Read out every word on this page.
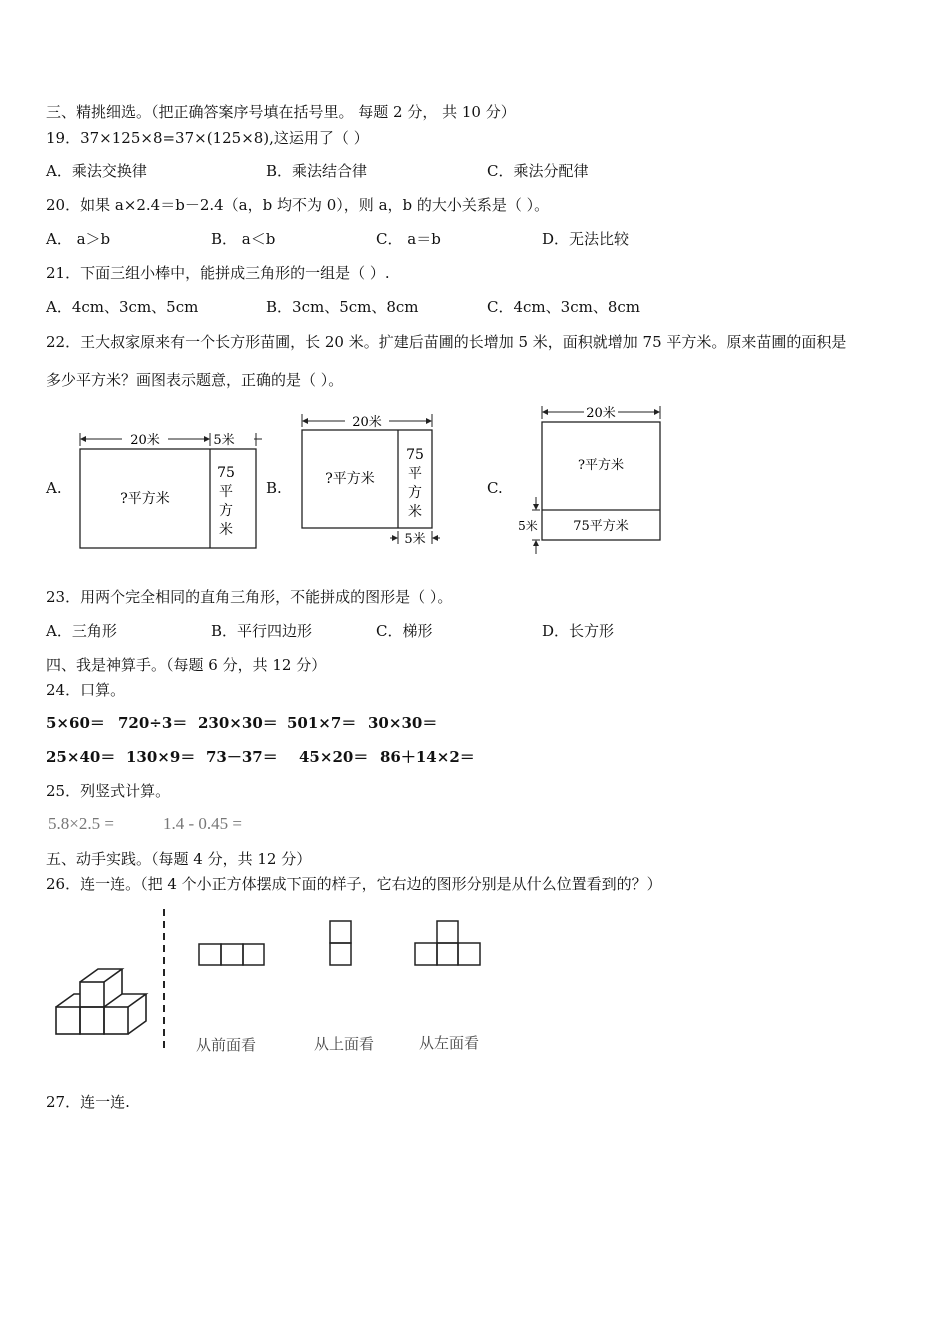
三、精挑细选。（把正确答案序号填在括号里。 每题 2 分， 共 10 分）
19．37×125×8=37×(125×8),这运用了（ ）
A．乘法交换律	B．乘法结合律	C．乘法分配律
20．如果 a×2.4＝b－2.4（a，b 均不为 0），则 a，b 的大小关系是（ ）。
A． a＞b	B． a＜b	C． a＝b	D．无法比较
21．下面三组小棒中，能拼成三角形的一组是（ ）.
A．4cm、3cm、5cm	B．3cm、5cm、8cm	C．4cm、3cm、8cm
22．王大叔家原来有一个长方形苗圃，长 20 米。扩建后苗圃的长增加 5 米，面积就增加 75 平方米。原来苗圃的面积是
多少平方米？画图表示题意，正确的是（ ）。
A.	B.	C.
20米	5米
?平方米
75
平
方
米
20米
?平方米
75
平
方
米
5米
20米
?平方米
75平方米
5米
23．用两个完全相同的直角三角形，不能拼成的图形是（ ）。
A．三角形	B．平行四边形	C．梯形	D．长方形
四、我是神算手。（每题 6 分，共 12 分）
24．口算。
5×60＝ 720÷3＝ 230×30＝ 501×7＝ 30×30＝
25×40＝ 130×9＝ 73－37＝ 45×20＝ 86＋14×2＝
25．列竖式计算。
5.8×2.5 =	1.4 - 0.45 =
五、动手实践。（每题 4 分，共 12 分）
26．连一连。（把 4 个小正方体摆成下面的样子，它右边的图形分别是从什么位置看到的？）
从前面看	从上面看	从左面看
27．连一连.
